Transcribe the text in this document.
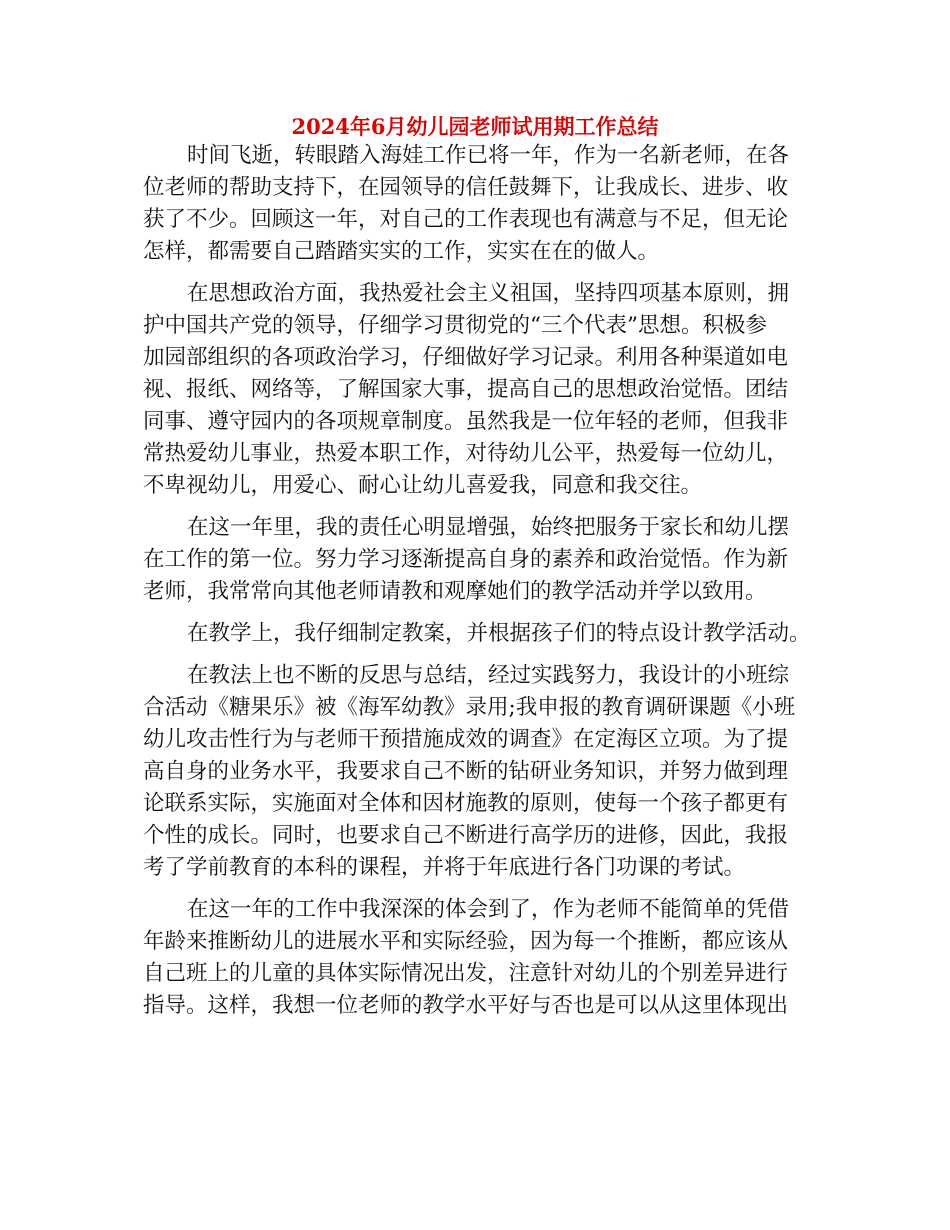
2024年6月幼儿园老师试用期工作总结

时间飞逝，转眼踏入海娃工作已将一年，作为一名新老师，在各

位老师的帮助支持下，在园领导的信任鼓舞下，让我成长、进步、收

获了不少。回顾这一年，对自己的工作表现也有满意与不足，但无论

怎样，都需要自己踏踏实实的工作，实实在在的做人。

在思想政治方面，我热爱社会主义祖国，坚持四项基本原则，拥

护中国共产党的领导，仔细学习贯彻党的“三个代表”思想。积极参

加园部组织的各项政治学习，仔细做好学习记录。利用各种渠道如电

视、报纸、网络等，了解国家大事，提高自己的思想政治觉悟。团结

同事、遵守园内的各项规章制度。虽然我是一位年轻的老师，但我非

常热爱幼儿事业，热爱本职工作，对待幼儿公平，热爱每一位幼儿，

不卑视幼儿，用爱心、耐心让幼儿喜爱我，同意和我交往。

在这一年里，我的责任心明显增强，始终把服务于家长和幼儿摆

在工作的第一位。努力学习逐渐提高自身的素养和政治觉悟。作为新

老师，我常常向其他老师请教和观摩她们的教学活动并学以致用。

在教学上，我仔细制定教案，并根据孩子们的特点设计教学活动。

在教法上也不断的反思与总结，经过实践努力，我设计的小班综

合活动《糖果乐》被《海军幼教》录用;我申报的教育调研课题《小班

幼儿攻击性行为与老师干预措施成效的调查》在定海区立项。为了提

高自身的业务水平，我要求自己不断的钻研业务知识，并努力做到理

论联系实际，实施面对全体和因材施教的原则，使每一个孩子都更有

个性的成长。同时，也要求自己不断进行高学历的进修，因此，我报

考了学前教育的本科的课程，并将于年底进行各门功课的考试。

在这一年的工作中我深深的体会到了，作为老师不能简单的凭借

年龄来推断幼儿的进展水平和实际经验，因为每一个推断，都应该从

自己班上的儿童的具体实际情况出发，注意针对幼儿的个别差异进行

指导。这样，我想一位老师的教学水平好与否也是可以从这里体现出
